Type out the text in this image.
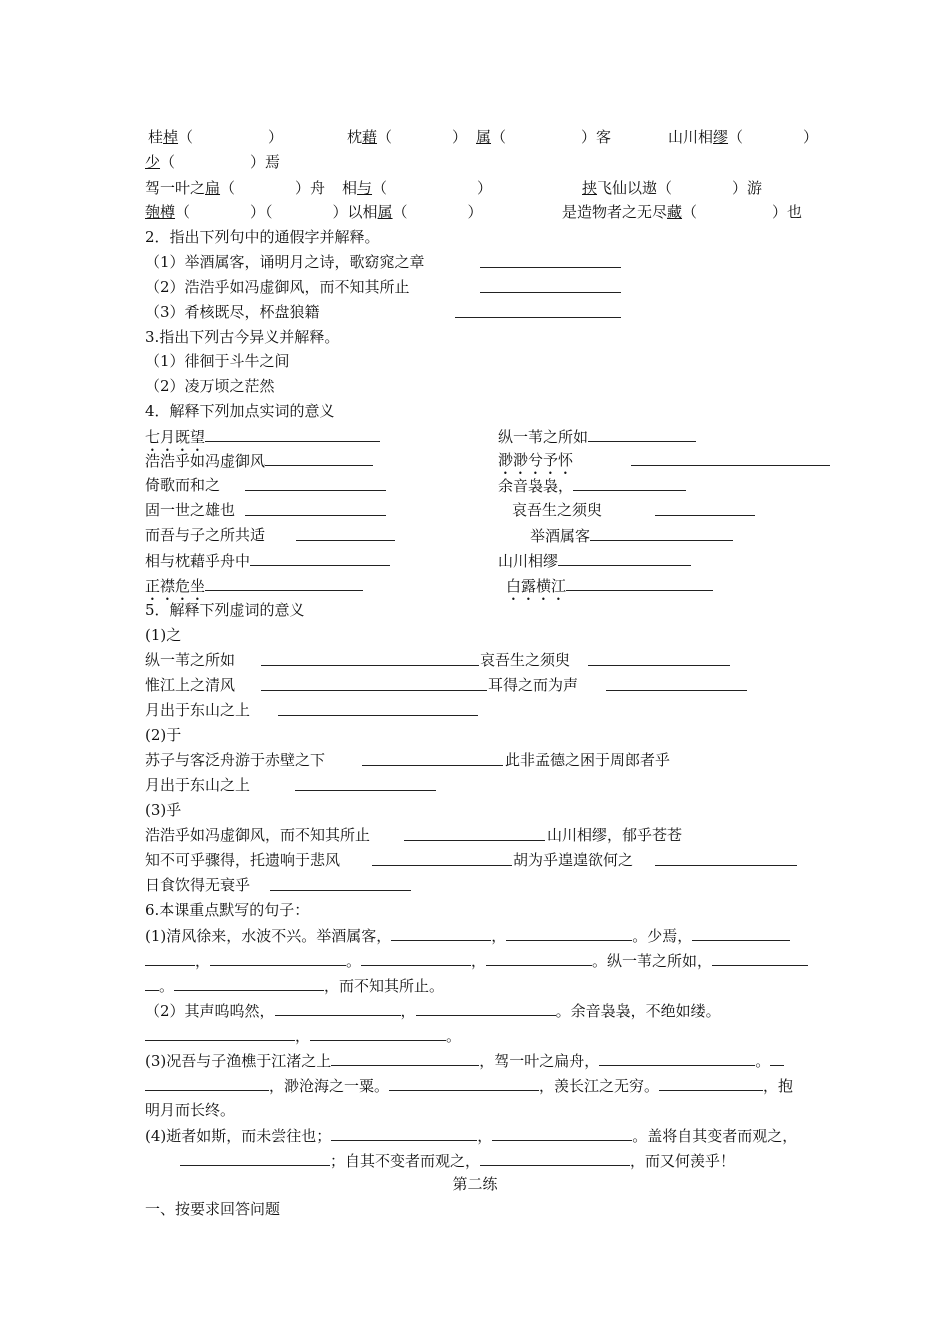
桂棹（　　　　　）	枕藉（　　　　） 属（　　　　　）客	山川相缪（　　　　）
少（　　　　　）焉
驾一叶之扁（　　　　）舟 相与（　　　　　　）	挟飞仙以遨（　　　　）游
匏樽（　　　　）（　　　　）以相属（　　　　）	是造物者之无尽藏（　　　　　）也
2．指出下列句中的通假字并解释。
（1）举酒属客，诵明月之诗，歌窈窕之章
（2）浩浩乎如冯虚御风，而不知其所止
（3）肴核既尽，杯盘狼籍
3.指出下列古今异义并解释。
（1）徘徊于斗牛之间
（2）凌万顷之茫然
4．解释下列加点实词的意义
七月既望	纵一苇之所如
浩浩乎如冯虚御风	渺渺兮予怀
倚歌而和之	余音袅袅，
固一世之雄也	哀吾生之须臾
而吾与子之所共适	举酒属客
相与枕藉乎舟中	山川相缪
正襟危坐	白露横江
5．解释下列虚词的意义
(1)之
纵一苇之所如	哀吾生之须臾
惟江上之清风	耳得之而为声
月出于东山之上
(2)于
苏子与客泛舟游于赤壁之下	此非孟德之困于周郎者乎
月出于东山之上
(3)乎
浩浩乎如冯虚御风，而不知其所止	山川相缪，郁乎苍苍
知不可乎骤得，托遗响于悲风	胡为乎遑遑欲何之
日食饮得无衰乎
6.本课重点默写的句子：
(1)清风徐来，水波不兴。举酒属客，	，	。少焉，
，	。	，	。纵一苇之所如，
。	，而不知其所止。
（2）其声呜呜然，	，	。余音袅袅，不绝如缕。
，	。
(3)况吾与子渔樵于江渚之上	，驾一叶之扁舟，	。
，渺沧海之一粟。	，羡长江之无穷。	，抱
明月而长终。
(4)逝者如斯，而未尝往也；	，	。盖将自其变者而观之，
；自其不变者而观之，	，而又何羡乎！
第二练
一、按要求回答问题
